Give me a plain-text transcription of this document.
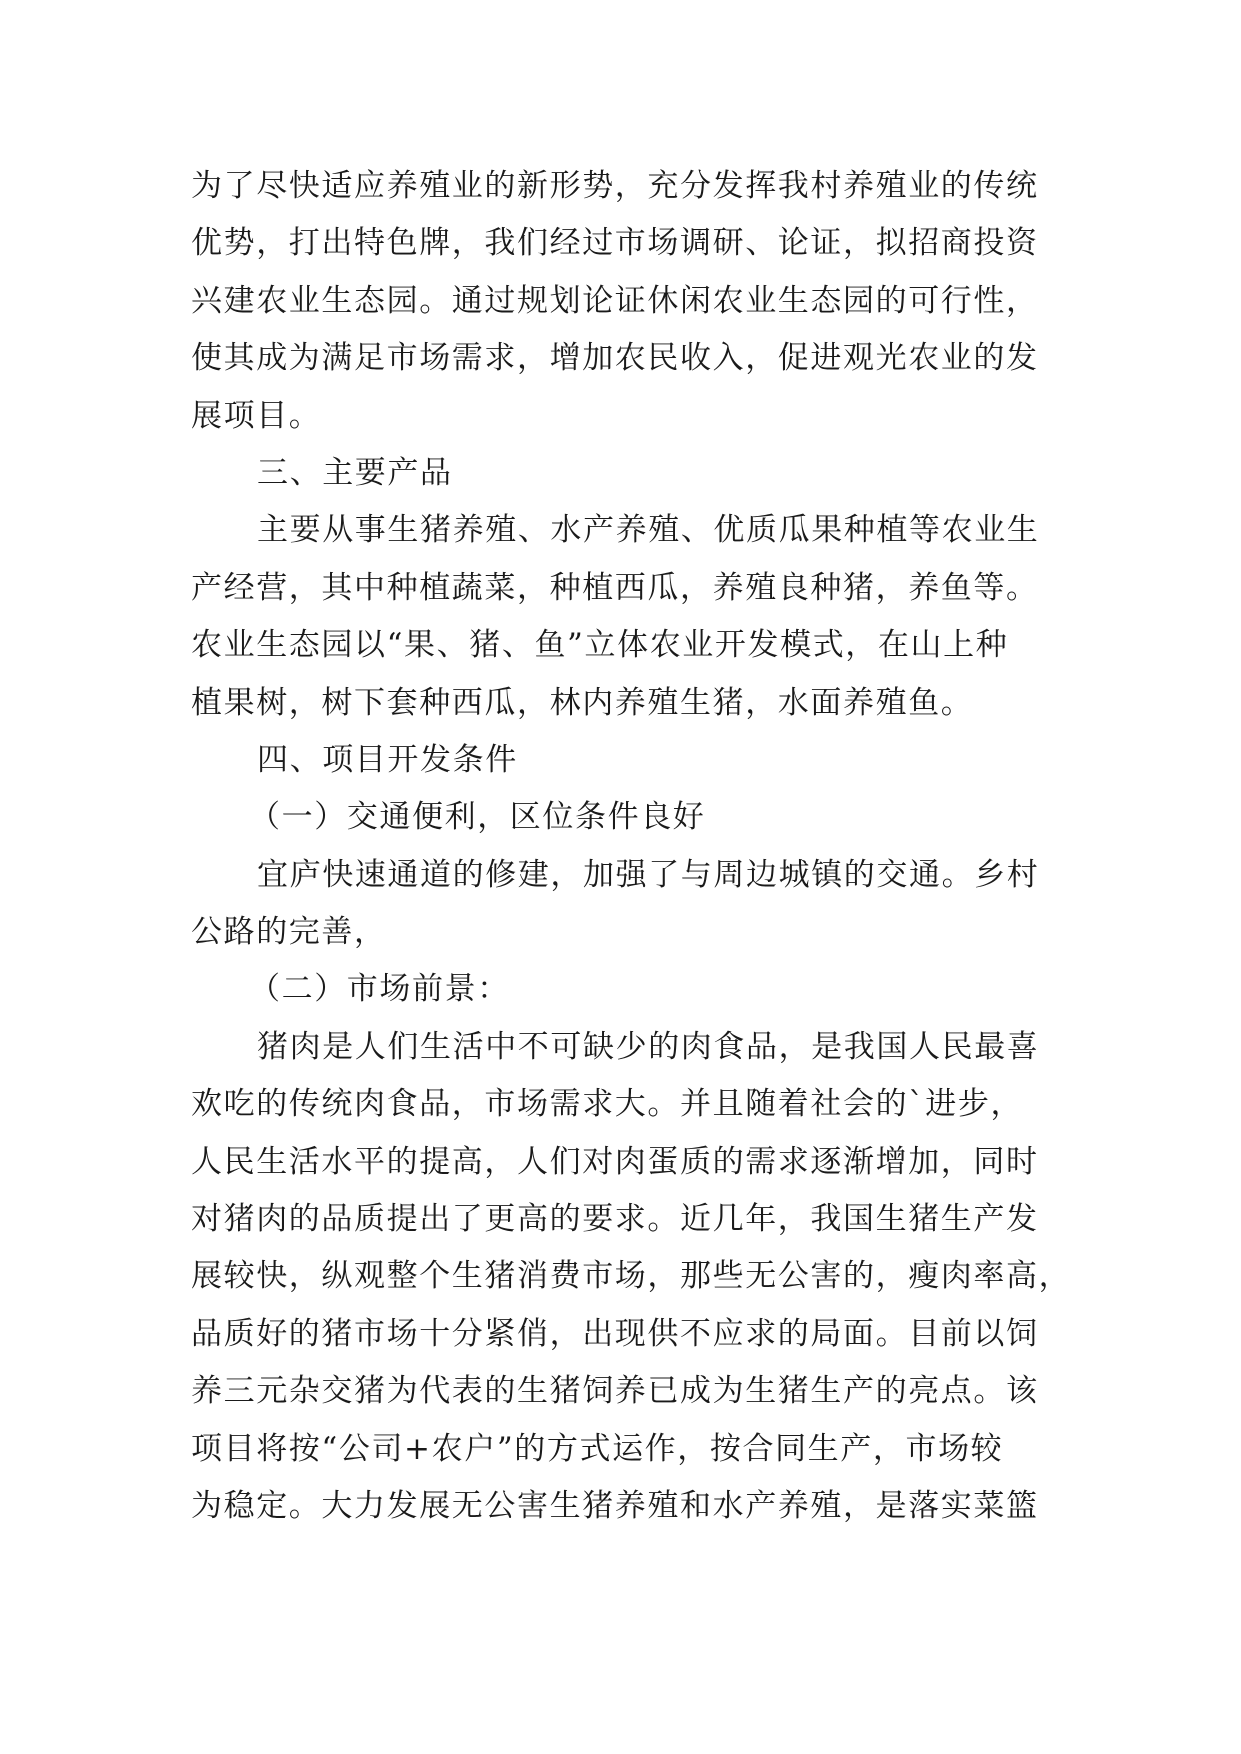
为了尽快适应养殖业的新形势，充分发挥我村养殖业的传统
优势，打出特色牌，我们经过市场调研、论证，拟招商投资
兴建农业生态园。通过规划论证休闲农业生态园的可行性，
使其成为满足市场需求，增加农民收入，促进观光农业的发
展项目。
三、主要产品
主要从事生猪养殖、水产养殖、优质瓜果种植等农业生
产经营，其中种植蔬菜，种植西瓜，养殖良种猪，养鱼等。
农业生态园以“果、猪、鱼”立体农业开发模式，在山上种
植果树，树下套种西瓜，林内养殖生猪，水面养殖鱼。
四、项目开发条件
（一）交通便利，区位条件良好
宜庐快速通道的修建，加强了与周边城镇的交通。乡村
公路的完善，
（二）市场前景：
猪肉是人们生活中不可缺少的肉食品，是我国人民最喜
欢吃的传统肉食品，市场需求大。并且随着社会的`进步，
人民生活水平的提高，人们对肉蛋质的需求逐渐增加，同时
对猪肉的品质提出了更高的要求。近几年，我国生猪生产发
展较快，纵观整个生猪消费市场，那些无公害的，瘦肉率高，
品质好的猪市场十分紧俏，出现供不应求的局面。目前以饲
养三元杂交猪为代表的生猪饲养已成为生猪生产的亮点。该
项目将按“公司+农户”的方式运作，按合同生产，市场较
为稳定。大力发展无公害生猪养殖和水产养殖，是落实菜篮
